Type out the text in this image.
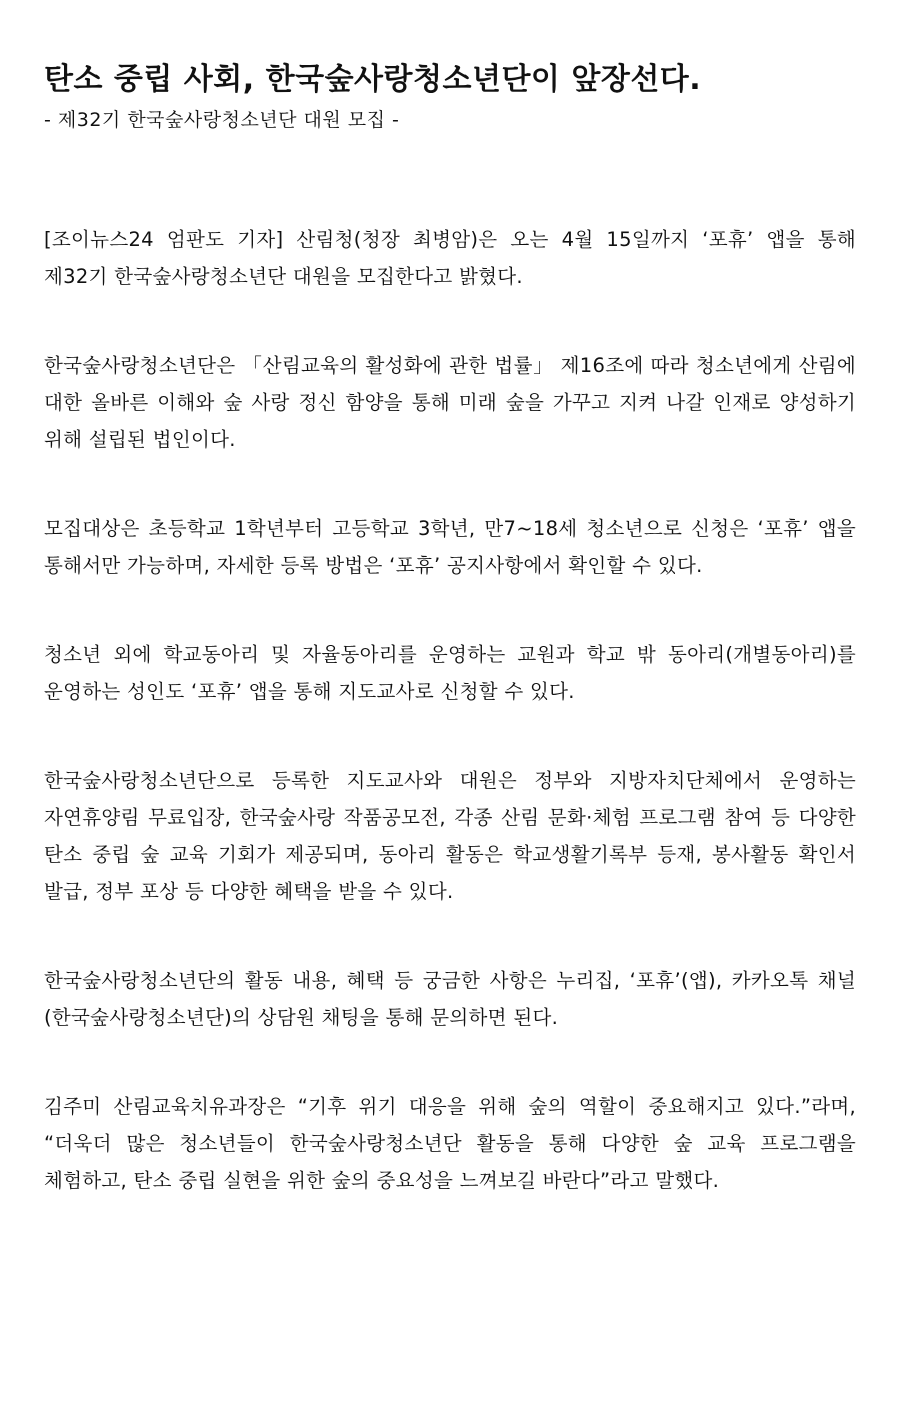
탄소 중립 사회, 한국숲사랑청소년단이 앞장선다.
- 제32기 한국숲사랑청소년단 대원 모집 -

[조이뉴스24 엄판도 기자] 산림청(청장 최병암)은 오는 4월 15일까지 ‘포휴’ 앱을 통해 제32기 한국숲사랑청소년단 대원을 모집한다고 밝혔다.

한국숲사랑청소년단은 「산림교육의 활성화에 관한 법률」 제16조에 따라 청소년에게 산림에 대한 올바른 이해와 숲 사랑 정신 함양을 통해 미래 숲을 가꾸고 지켜 나갈 인재로 양성하기 위해 설립된 법인이다.

모집대상은 초등학교 1학년부터 고등학교 3학년, 만7~18세 청소년으로 신청은 ‘포휴’ 앱을 통해서만 가능하며, 자세한 등록 방법은 ‘포휴’ 공지사항에서 확인할 수 있다.

청소년 외에 학교동아리 및 자율동아리를 운영하는 교원과 학교 밖 동아리(개별동아리)를 운영하는 성인도 ‘포휴’ 앱을 통해 지도교사로 신청할 수 있다.

한국숲사랑청소년단으로 등록한 지도교사와 대원은 정부와 지방자치단체에서 운영하는 자연휴양림 무료입장, 한국숲사랑 작품공모전, 각종 산림 문화·체험 프로그램 참여 등 다양한 탄소 중립 숲 교육 기회가 제공되며, 동아리 활동은 학교생활기록부 등재, 봉사활동 확인서 발급, 정부 포상 등 다양한 혜택을 받을 수 있다.

한국숲사랑청소년단의 활동 내용, 혜택 등 궁금한 사항은 누리집, ‘포휴’(앱), 카카오톡 채널(한국숲사랑청소년단)의 상담원 채팅을 통해 문의하면 된다.

김주미 산림교육치유과장은 “기후 위기 대응을 위해 숲의 역할이 중요해지고 있다.”라며, “더욱더 많은 청소년들이 한국숲사랑청소년단 활동을 통해 다양한 숲 교육 프로그램을 체험하고, 탄소 중립 실현을 위한 숲의 중요성을 느껴보길 바란다”라고 말했다.
